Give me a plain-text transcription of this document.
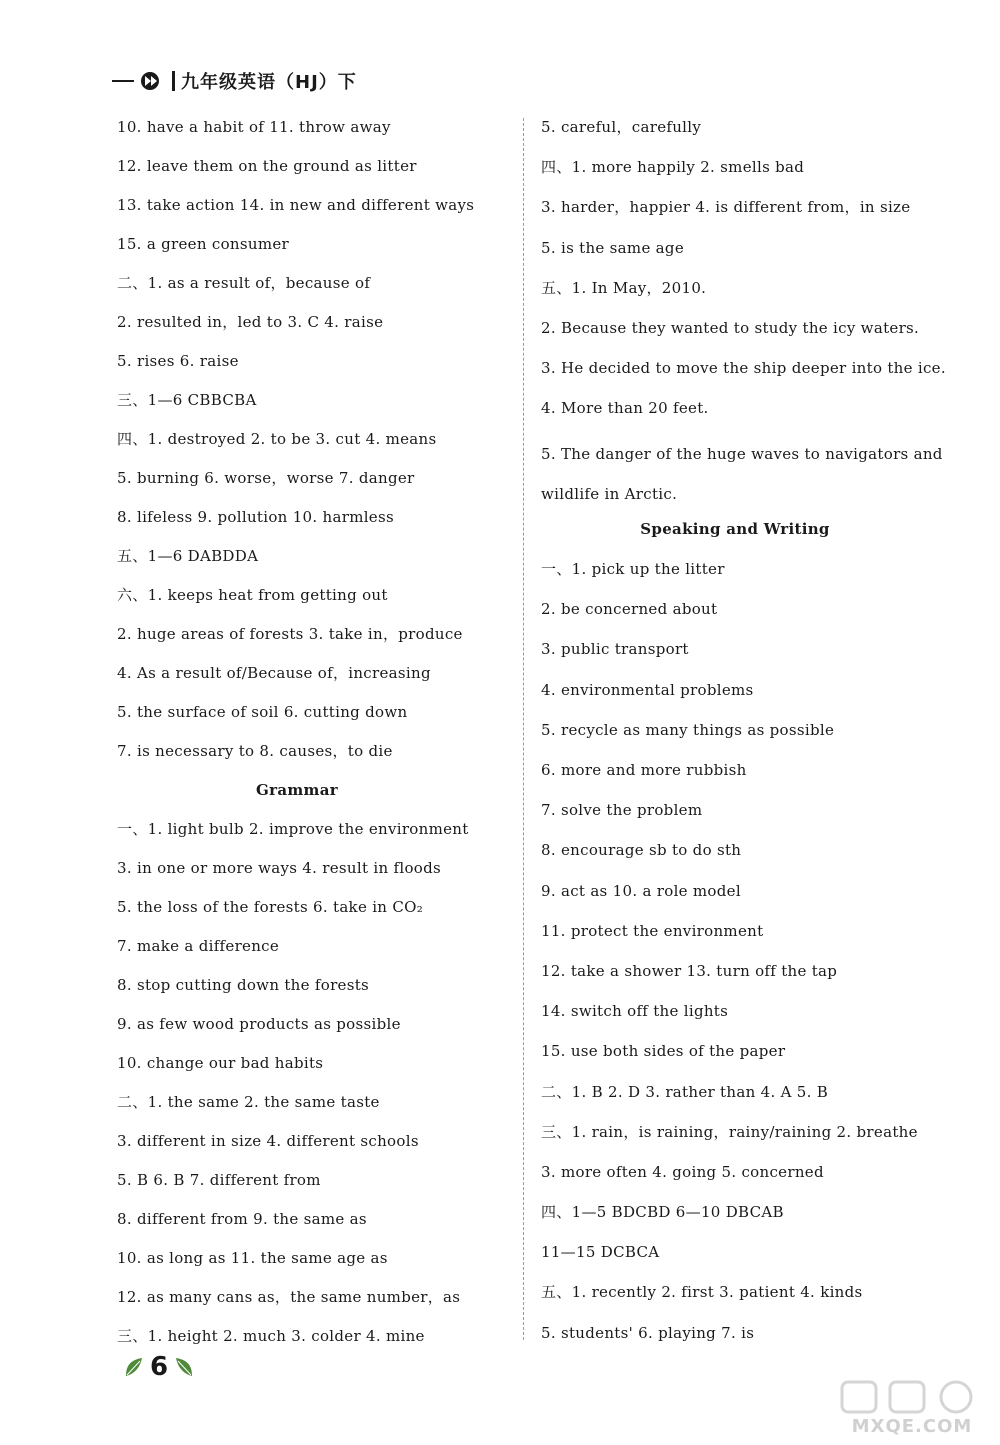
九年级英语（HJ）下
10. have a habit of 11. throw away
12. leave them on the ground as litter
13. take action 14. in new and different ways
15. a green consumer
二、1. as a result of，because of
2. resulted in，led to 3. C 4. raise
5. rises 6. raise
三、1—6 CBBCBA
四、1. destroyed 2. to be 3. cut 4. means
5. burning 6. worse，worse 7. danger
8. lifeless 9. pollution 10. harmless
五、1—6 DABDDA
六、1. keeps heat from getting out
2. huge areas of forests 3. take in，produce
4. As a result of/Because of，increasing
5. the surface of soil 6. cutting down
7. is necessary to 8. causes，to die
Grammar
一、1. light bulb 2. improve the environment
3. in one or more ways 4. result in floods
5. the loss of the forests 6. take in CO₂
7. make a difference
8. stop cutting down the forests
9. as few wood products as possible
10. change our bad habits
二、1. the same 2. the same taste
3. different in size 4. different schools
5. B 6. B 7. different from
8. different from 9. the same as
10. as long as 11. the same age as
12. as many cans as，the same number，as
三、1. height 2. much 3. colder 4. mine
5. careful，carefully
四、1. more happily 2. smells bad
3. harder，happier 4. is different from，in size
5. is the same age
五、1. In May，2010.
2. Because they wanted to study the icy waters.
3. He decided to move the ship deeper into the ice.
4. More than 20 feet.
5. The danger of the huge waves to navigators and wildlife in Arctic.
Speaking and Writing
一、1. pick up the litter
2. be concerned about
3. public transport
4. environmental problems
5. recycle as many things as possible
6. more and more rubbish
7. solve the problem
8. encourage sb to do sth
9. act as 10. a role model
11. protect the environment
12. take a shower 13. turn off the tap
14. switch off the lights
15. use both sides of the paper
二、1. B 2. D 3. rather than 4. A 5. B
三、1. rain，is raining，rainy/raining 2. breathe
3. more often 4. going 5. concerned
四、1—5 BDCBD 6—10 DBCAB
11—15 DCBCA
五、1. recently 2. first 3. patient 4. kinds
5. students' 6. playing 7. is
6
MXQE.COM
